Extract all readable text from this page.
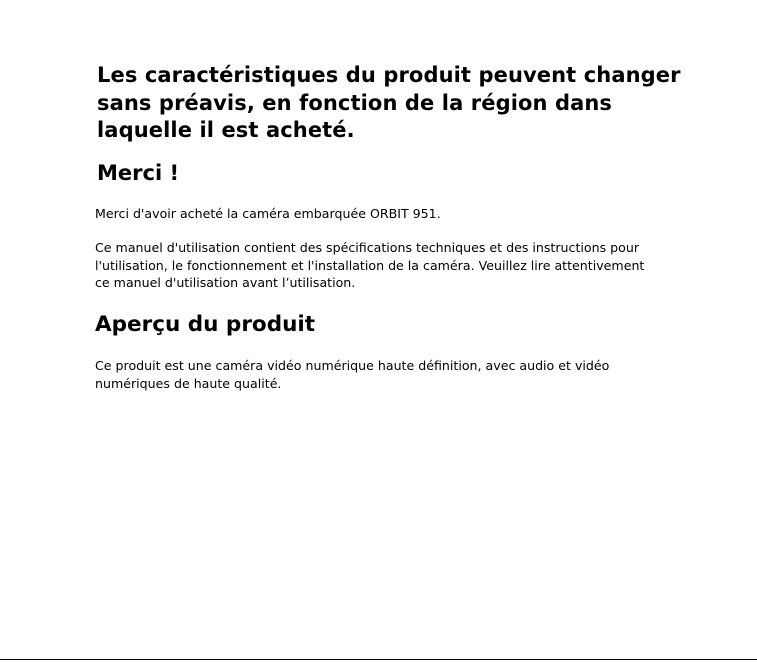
Les caractéristiques du produit peuvent changer
sans préavis, en fonction de la région dans
laquelle il est acheté.
Merci !

Merci d'avoir acheté la caméra embarquée ORBIT 951.

Ce manuel d'utilisation contient des spécifications techniques et des instructions pour
l'utilisation, le fonctionnement et l'installation de la caméra. Veuillez lire attentivement
ce manuel d'utilisation avant l’utilisation.

Aperçu du produit

Ce produit est une caméra vidéo numérique haute définition, avec audio et vidéo
numériques de haute qualité.
